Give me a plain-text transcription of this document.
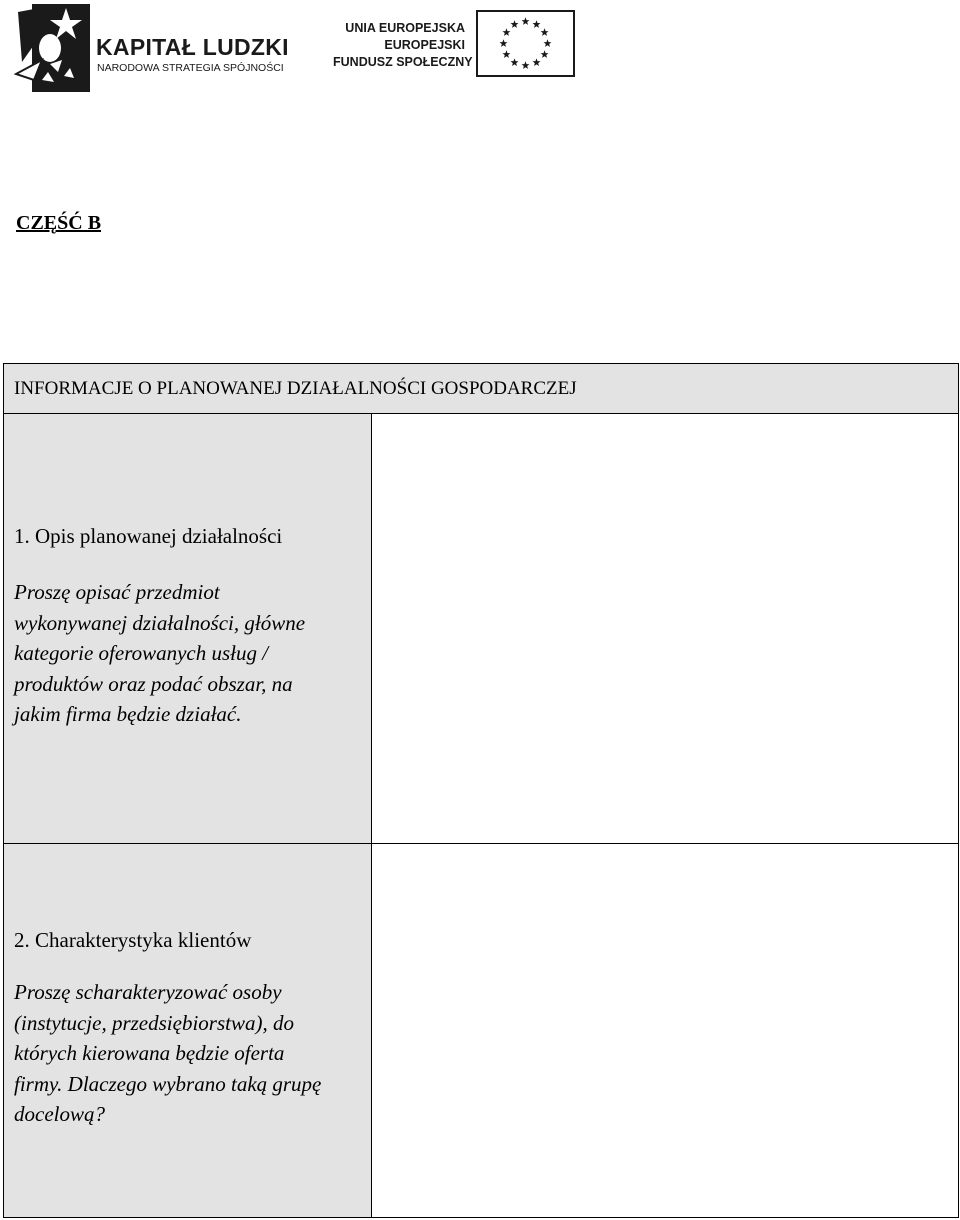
KAPITAŁ LUDZKI
NARODOWA STRATEGIA SPÓJNOŚCI
UNIA EUROPEJSKA
EUROPEJSKI
FUNDUSZ SPOŁECZNY
CZĘŚĆ B
INFORMACJE O PLANOWANEJ DZIAŁALNOŚCI GOSPODARCZEJ
1. Opis planowanej działalności
Proszę opisać przedmiot
wykonywanej działalności, główne
kategorie oferowanych usług /
produktów oraz podać obszar, na
jakim firma będzie działać.
2. Charakterystyka klientów
Proszę scharakteryzować osoby
(instytucje, przedsiębiorstwa), do
których kierowana będzie oferta
firmy. Dlaczego wybrano taką grupę
docelową?
